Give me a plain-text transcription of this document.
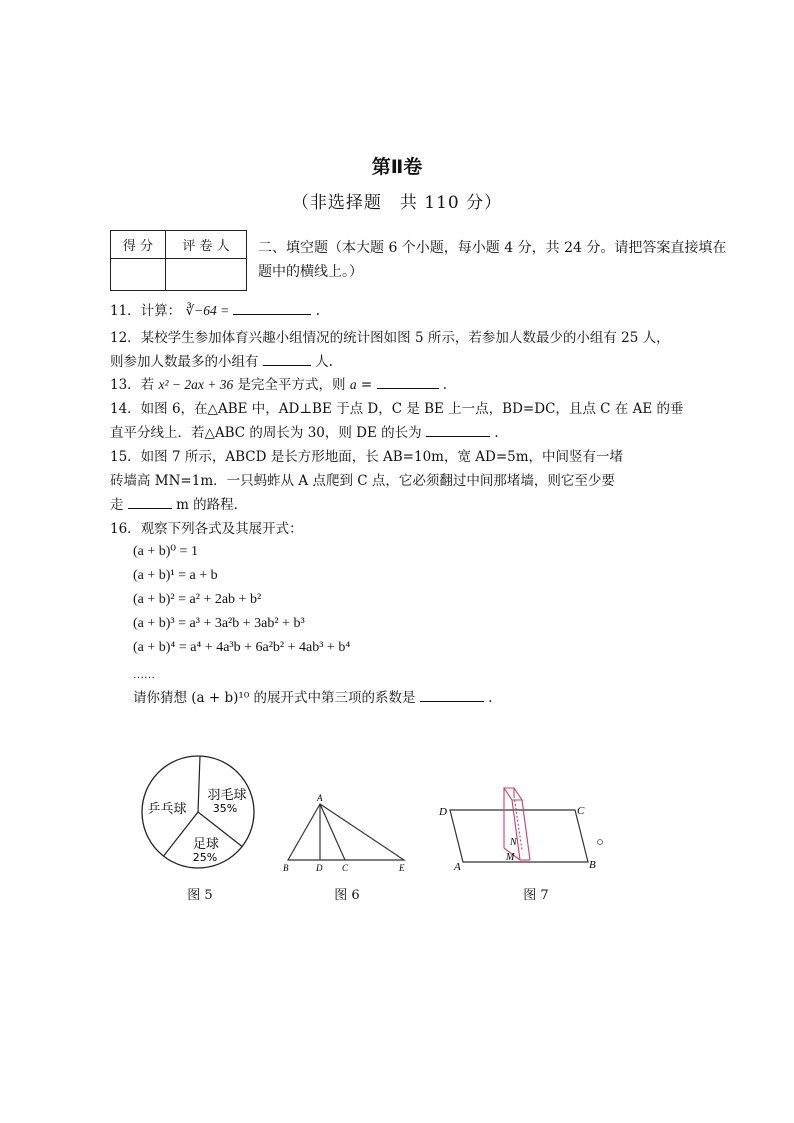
第Ⅱ卷
（非选择题　共 110 分）
得 分	评 卷 人
	二、填空题（本大题 6 个小题，每小题 4 分，共 24 分。请把答案直接填在题中的横线上。）
11．计算： ∛−64 =	.
12．某校学生参加体育兴趣小组情况的统计图如图 5 所示，若参加人数最少的小组有 25 人，
则参加人数最多的小组有	人.
13．若 x² − 2ax + 36 是完全平方式，则 a =	.
14．如图 6，在△ABE 中，AD⊥BE 于点 D，C 是 BE 上一点，BD=DC，且点 C 在 AE 的垂
直平分线上．若△ABC 的周长为 30，则 DE 的长为	.
15．如图 7 所示，ABCD 是长方形地面，长 AB=10m，宽 AD=5m，中间竖有一堵
砖墙高 MN=1m．一只蚂蚱从 A 点爬到 C 点，它必须翻过中间那堵墙，则它至少要
走	m 的路程．
16．观察下列各式及其展开式：
(a + b)⁰ = 1
(a + b)¹ = a + b
(a + b)² = a² + 2ab + b²
(a + b)³ = a³ + 3a²b + 3ab² + b³
(a + b)⁴ = a⁴ + 4a³b + 6a²b² + 4ab³ + b⁴
……
请你猜想 (a + b)¹⁰ 的展开式中第三项的系数是	.
羽毛球
35%
足球
25%
乒乓球
图 5
A
B	D C	E
图 6
D	C
A	B
N
M
图 7
